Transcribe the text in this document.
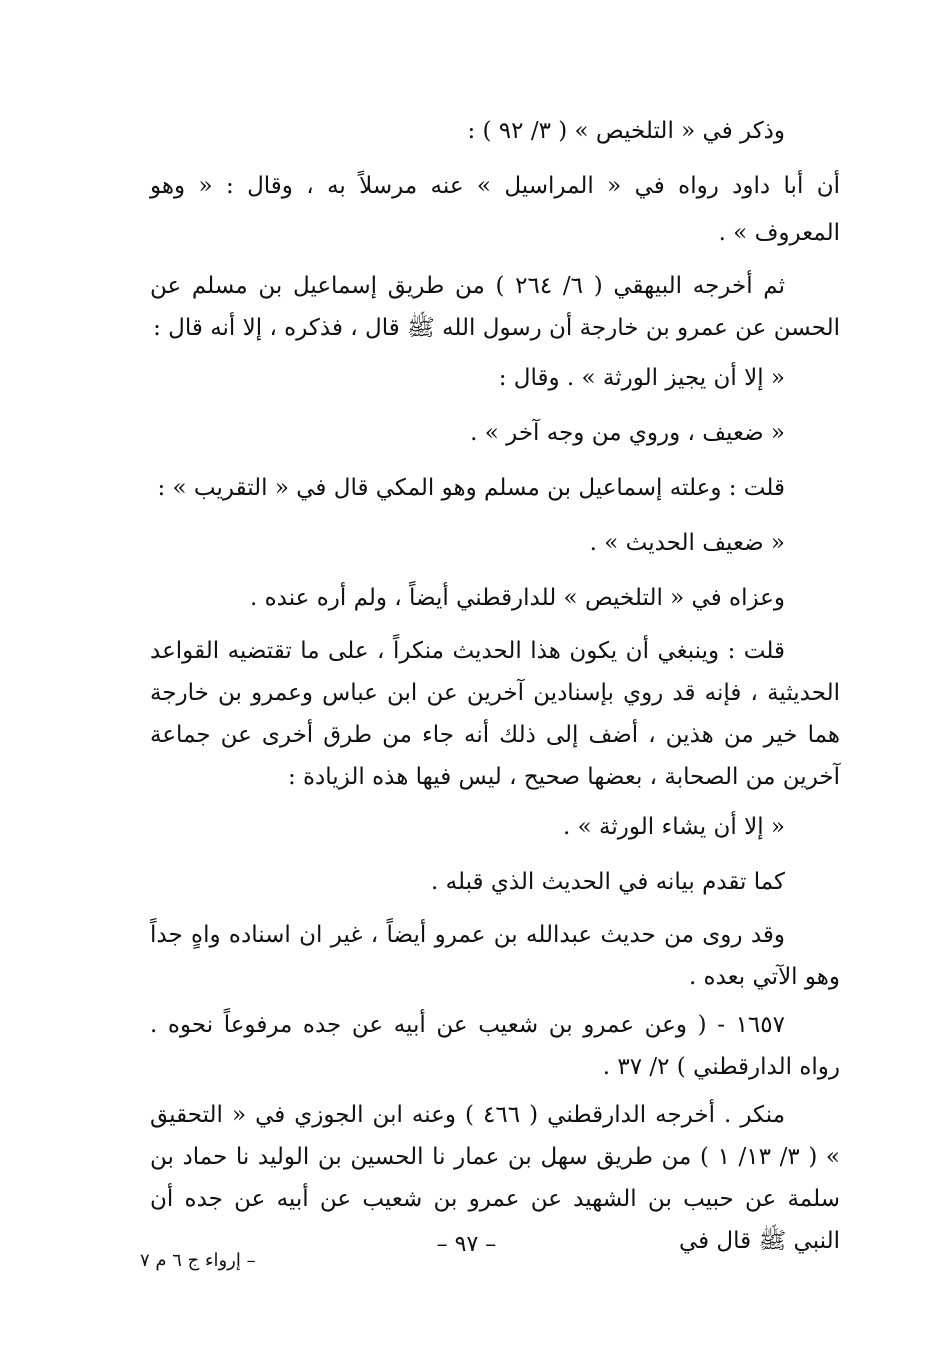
وذكر في « التلخيص » ( ٣/ ٩٢ ) :

أن أبا داود رواه في « المراسيل » عنه مرسلاً به ، وقال : « وهو المعروف » .

ثم أخرجه البيهقي ( ٦/ ٢٦٤ ) من طريق إسماعيل بن مسلم عن الحسن عن عمرو بن خارجة أن رسول الله ﷺ قال ، فذكره ، إلا أنه قال :

« إلا أن يجيز الورثة » . وقال :

« ضعيف ، وروي من وجه آخر » .

قلت : وعلته إسماعيل بن مسلم وهو المكي قال في « التقريب » :

« ضعيف الحديث » .

وعزاه في « التلخيص » للدارقطني أيضاً ، ولم أره عنده .

قلت : وينبغي أن يكون هذا الحديث منكراً ، على ما تقتضيه القواعد الحديثية ، فإنه قد روي بإسنادين آخرين عن ابن عباس وعمرو بن خارجة هما خير من هذين ، أضف إلى ذلك أنه جاء من طرق أخرى عن جماعة آخرين من الصحابة ، بعضها صحيح ، ليس فيها هذه الزيادة :

« إلا أن يشاء الورثة » .

كما تقدم بيانه في الحديث الذي قبله .

وقد روى من حديث عبدالله بن عمرو أيضاً ، غير ان اسناده واهٍ جداً وهو الآتي بعده .

١٦٥٧ - ( وعن عمرو بن شعيب عن أبيه عن جده مرفوعاً نحوه . رواه الدارقطني ) ٢/ ٣٧ .

منكر . أخرجه الدارقطني ( ٤٦٦ ) وعنه ابن الجوزي في « التحقيق » ( ٣/ ١٣/ ١ ) من طريق سهل بن عمار نا الحسين بن الوليد نا حماد بن سلمة عن حبيب بن الشهيد عن عمرو بن شعيب عن أبيه عن جده أن النبي ﷺ قال في

– ٩٧ –
– إرواء ج ٦ م ٧
